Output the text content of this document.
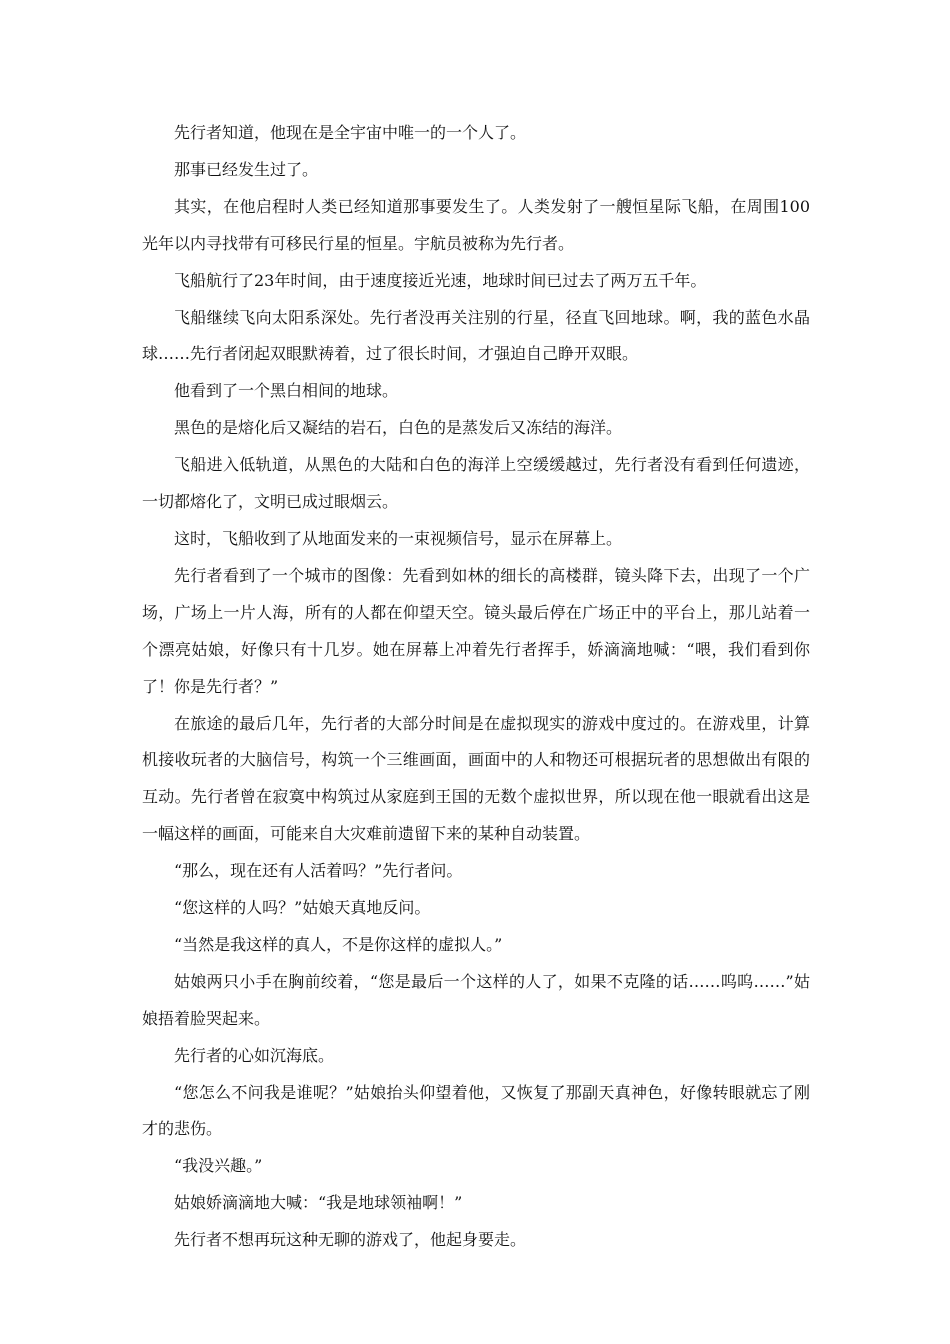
先行者知道，他现在是全宇宙中唯一的一个人了。

那事已经发生过了。

其实，在他启程时人类已经知道那事要发生了。人类发射了一艘恒星际飞船，在周围100光年以内寻找带有可移民行星的恒星。宇航员被称为先行者。

飞船航行了23年时间，由于速度接近光速，地球时间已过去了两万五千年。

飞船继续飞向太阳系深处。先行者没再关注别的行星，径直飞回地球。啊，我的蓝色水晶球……先行者闭起双眼默祷着，过了很长时间，才强迫自己睁开双眼。

他看到了一个黑白相间的地球。

黑色的是熔化后又凝结的岩石，白色的是蒸发后又冻结的海洋。

飞船进入低轨道，从黑色的大陆和白色的海洋上空缓缓越过，先行者没有看到任何遗迹，一切都熔化了，文明已成过眼烟云。

这时，飞船收到了从地面发来的一束视频信号，显示在屏幕上。

先行者看到了一个城市的图像：先看到如林的细长的高楼群，镜头降下去，出现了一个广场，广场上一片人海，所有的人都在仰望天空。镜头最后停在广场正中的平台上，那儿站着一个漂亮姑娘，好像只有十几岁。她在屏幕上冲着先行者挥手，娇滴滴地喊：“喂，我们看到你了！你是先行者？”

在旅途的最后几年，先行者的大部分时间是在虚拟现实的游戏中度过的。在游戏里，计算机接收玩者的大脑信号，构筑一个三维画面，画面中的人和物还可根据玩者的思想做出有限的互动。先行者曾在寂寞中构筑过从家庭到王国的无数个虚拟世界，所以现在他一眼就看出这是一幅这样的画面，可能来自大灾难前遗留下来的某种自动装置。

“那么，现在还有人活着吗？”先行者问。

“您这样的人吗？”姑娘天真地反问。

“当然是我这样的真人，不是你这样的虚拟人。”

姑娘两只小手在胸前绞着，“您是最后一个这样的人了，如果不克隆的话……呜呜……”姑娘捂着脸哭起来。

先行者的心如沉海底。

“您怎么不问我是谁呢？”姑娘抬头仰望着他，又恢复了那副天真神色，好像转眼就忘了刚才的悲伤。

“我没兴趣。”

姑娘娇滴滴地大喊：“我是地球领袖啊！”

先行者不想再玩这种无聊的游戏了，他起身要走。
